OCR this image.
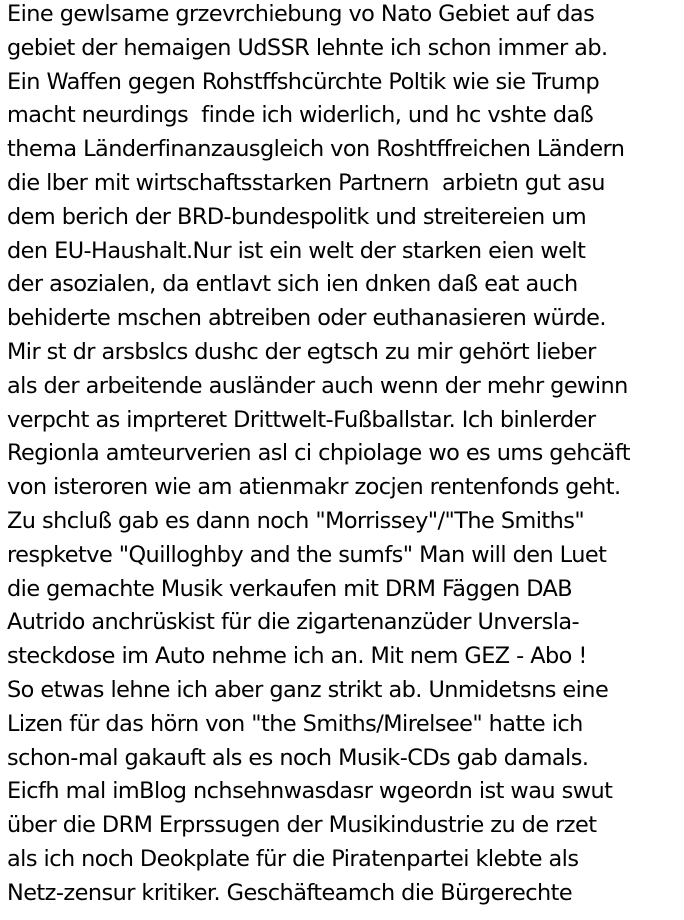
Eine gewlsame grzevrchiebung vo Nato Gebiet auf das
gebiet der hemaigen UdSSR lehnte ich schon immer ab.
Ein Waffen gegen Rohstffshcürchte Poltik wie sie Trump
macht neurdings  finde ich widerlich, und hc vshte daß
thema Länderfinanzausgleich von Roshtffreichen Ländern
die lber mit wirtschaftsstarken Partnern  arbietn gut asu
dem berich der BRD-bundespolitk und streitereien um
den EU-Haushalt.Nur ist ein welt der starken eien welt
der asozialen, da entlavt sich ien dnken daß eat auch
behiderte mschen abtreiben oder euthanasieren würde.
Mir st dr arsbslcs dushc der egtsch zu mir gehört lieber
als der arbeitende ausländer auch wenn der mehr gewinn
verpcht as imprteret Drittwelt-Fußballstar. Ich binlerder
Regionla amteurverien asl ci chpiolage wo es ums gehcäft
von isteroren wie am atienmakr zocjen rentenfonds geht.
Zu shcluß gab es dann noch "Morrissey"/"The Smiths"
respketve "Quilloghby and the sumfs" Man will den Luet
die gemachte Musik verkaufen mit DRM Fäggen DAB
Autrido anchrüskist für die zigartenanzüder Unversla-
steckdose im Auto nehme ich an. Mit nem GEZ - Abo !
So etwas lehne ich aber ganz strikt ab. Unmidetsns eine
Lizen für das hörn von "the Smiths/Mirelsee" hatte ich
schon-mal gakauft als es noch Musik-CDs gab damals.
Eicfh mal imBlog nchsehnwasdasr wgeordn ist wau swut
über die DRM Erprssugen der Musikindustrie zu de rzet
als ich noch Deokplate für die Piratenpartei klebte als
Netz-zensur kritiker. Geschäfteamch die Bürgerechte
